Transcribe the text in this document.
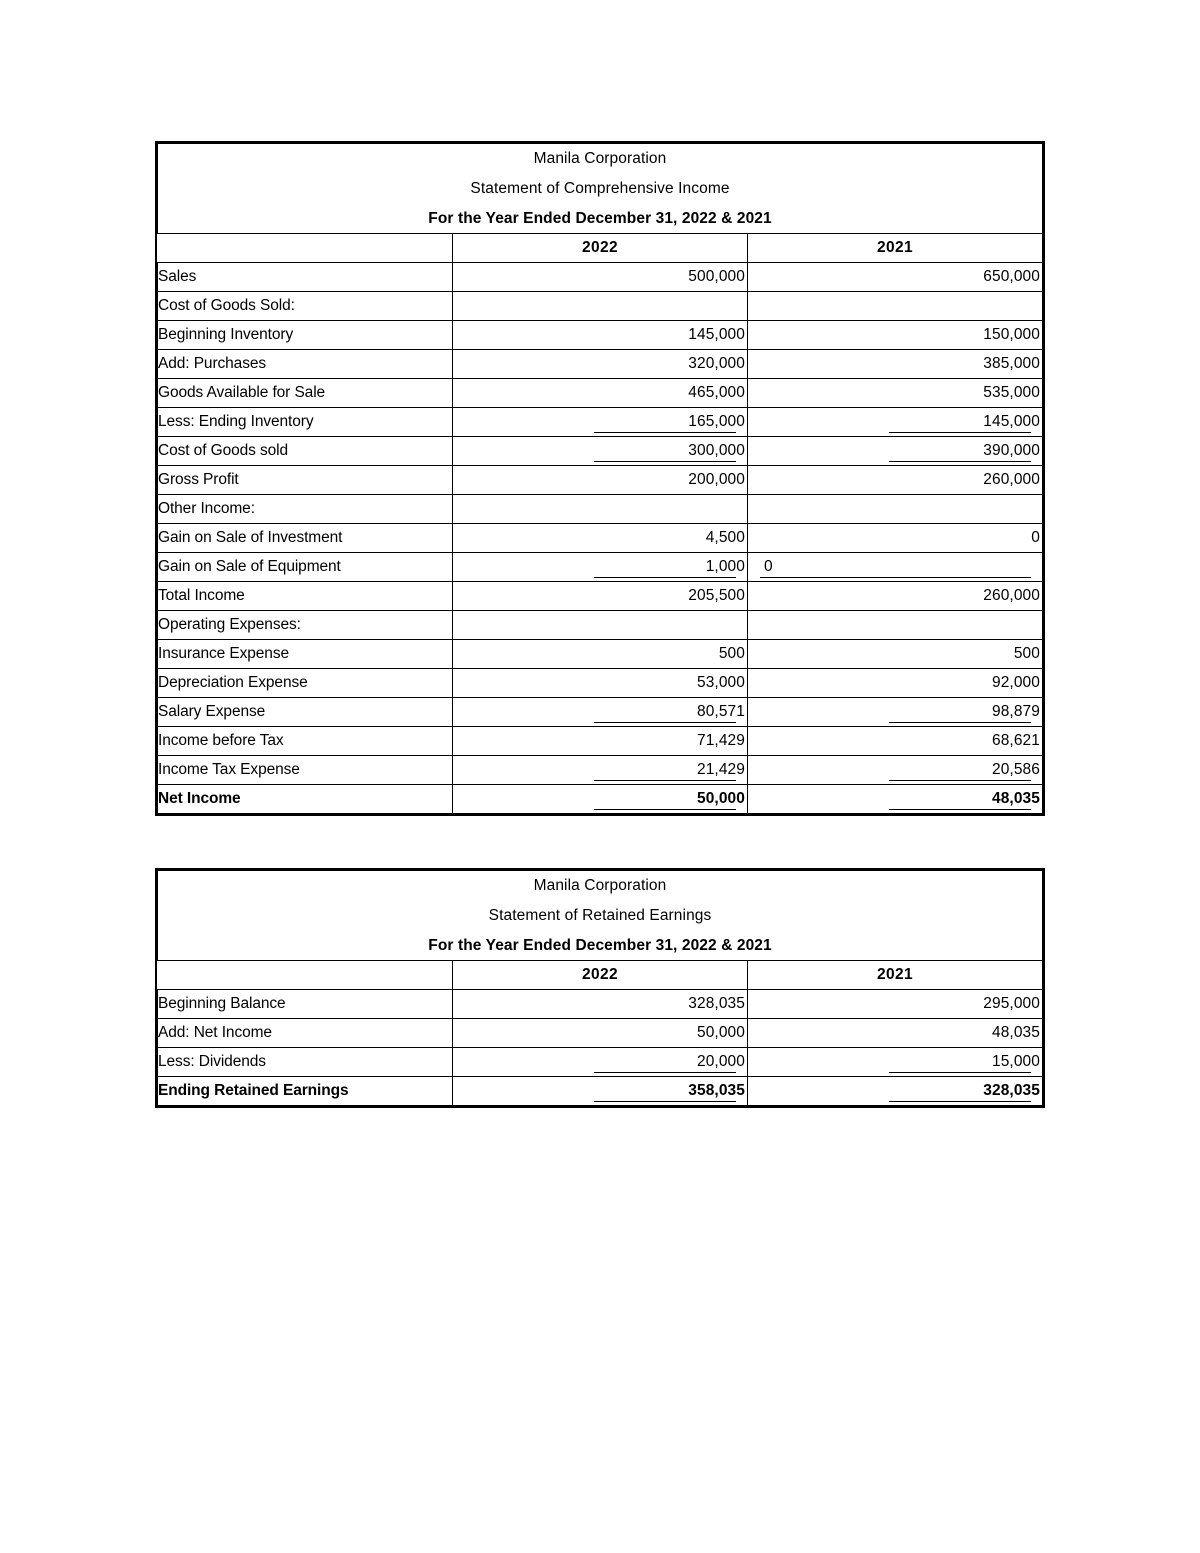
Manila Corporation
Statement of Comprehensive Income
For the Year Ended December 31, 2022 & 2021		

	2022	2021
Sales	500,000	650,000
Cost of Goods Sold:		
Beginning Inventory	145,000	150,000
Add: Purchases	320,000	385,000
Goods Available for Sale	465,000	535,000
Less: Ending Inventory	165,000	145,000

Cost of Goods sold	300,000	390,000

Gross Profit	200,000	260,000
Other Income:		
Gain on Sale of Investment	4,500	0
Gain on Sale of Equipment	1,000	0

Total Income	205,500	260,000
Operating Expenses:		
Insurance Expense	500	500
Depreciation Expense	53,000	92,000
Salary Expense	80,571	98,879

Income before Tax	71,429	68,621
Income Tax Expense	21,429	20,586

Net Income	50,000	48,035
Manila Corporation
Statement of Retained Earnings
For the Year Ended December 31, 2022 & 2021		

	2022	2021
Beginning Balance	328,035	295,000
Add: Net Income	50,000	48,035
Less: Dividends	20,000	15,000

Ending Retained Earnings	358,035	328,035
